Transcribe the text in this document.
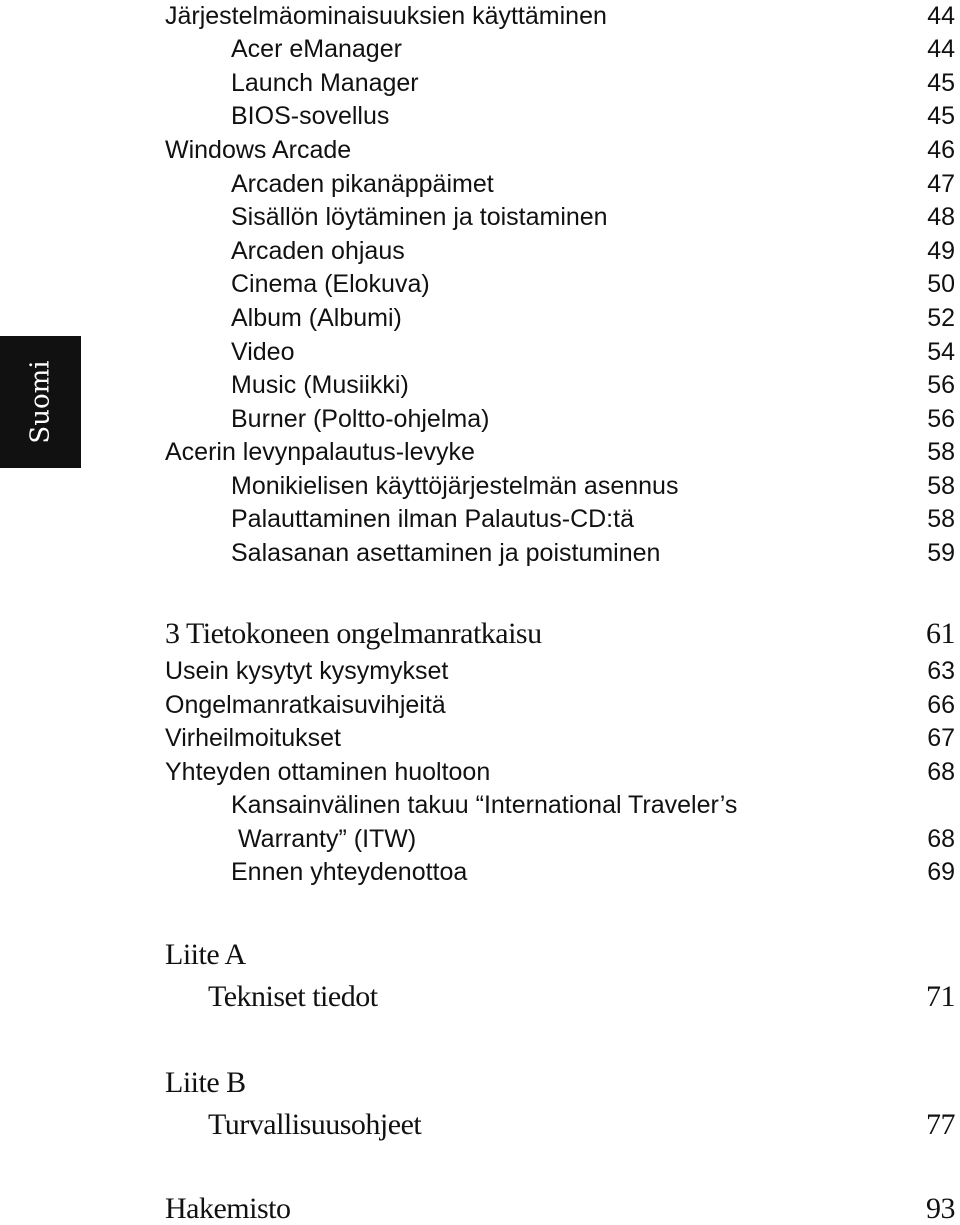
Suomi
Järjestelmäominaisuuksien käyttäminen	44
Acer eManager	44
Launch Manager	45
BIOS-sovellus	45
Windows Arcade	46
Arcaden pikanäppäimet	47
Sisällön löytäminen ja toistaminen	48
Arcaden ohjaus	49
Cinema (Elokuva)	50
Album (Albumi)	52
Video	54
Music (Musiikki)	56
Burner (Poltto-ohjelma)	56
Acerin levynpalautus-levyke	58
Monikielisen käyttöjärjestelmän asennus	58
Palauttaminen ilman Palautus-CD:tä	58
Salasanan asettaminen ja poistuminen	59
3 Tietokoneen ongelmanratkaisu	61
Usein kysytyt kysymykset	63
Ongelmanratkaisuvihjeitä	66
Virheilmoitukset	67
Yhteyden ottaminen huoltoon	68
Kansainvälinen takuu “International Traveler’s
Warranty” (ITW)	68
Ennen yhteydenottoa	69
Liite A
Tekniset tiedot	71
Liite B
Turvallisuusohjeet	77
Hakemisto	93
